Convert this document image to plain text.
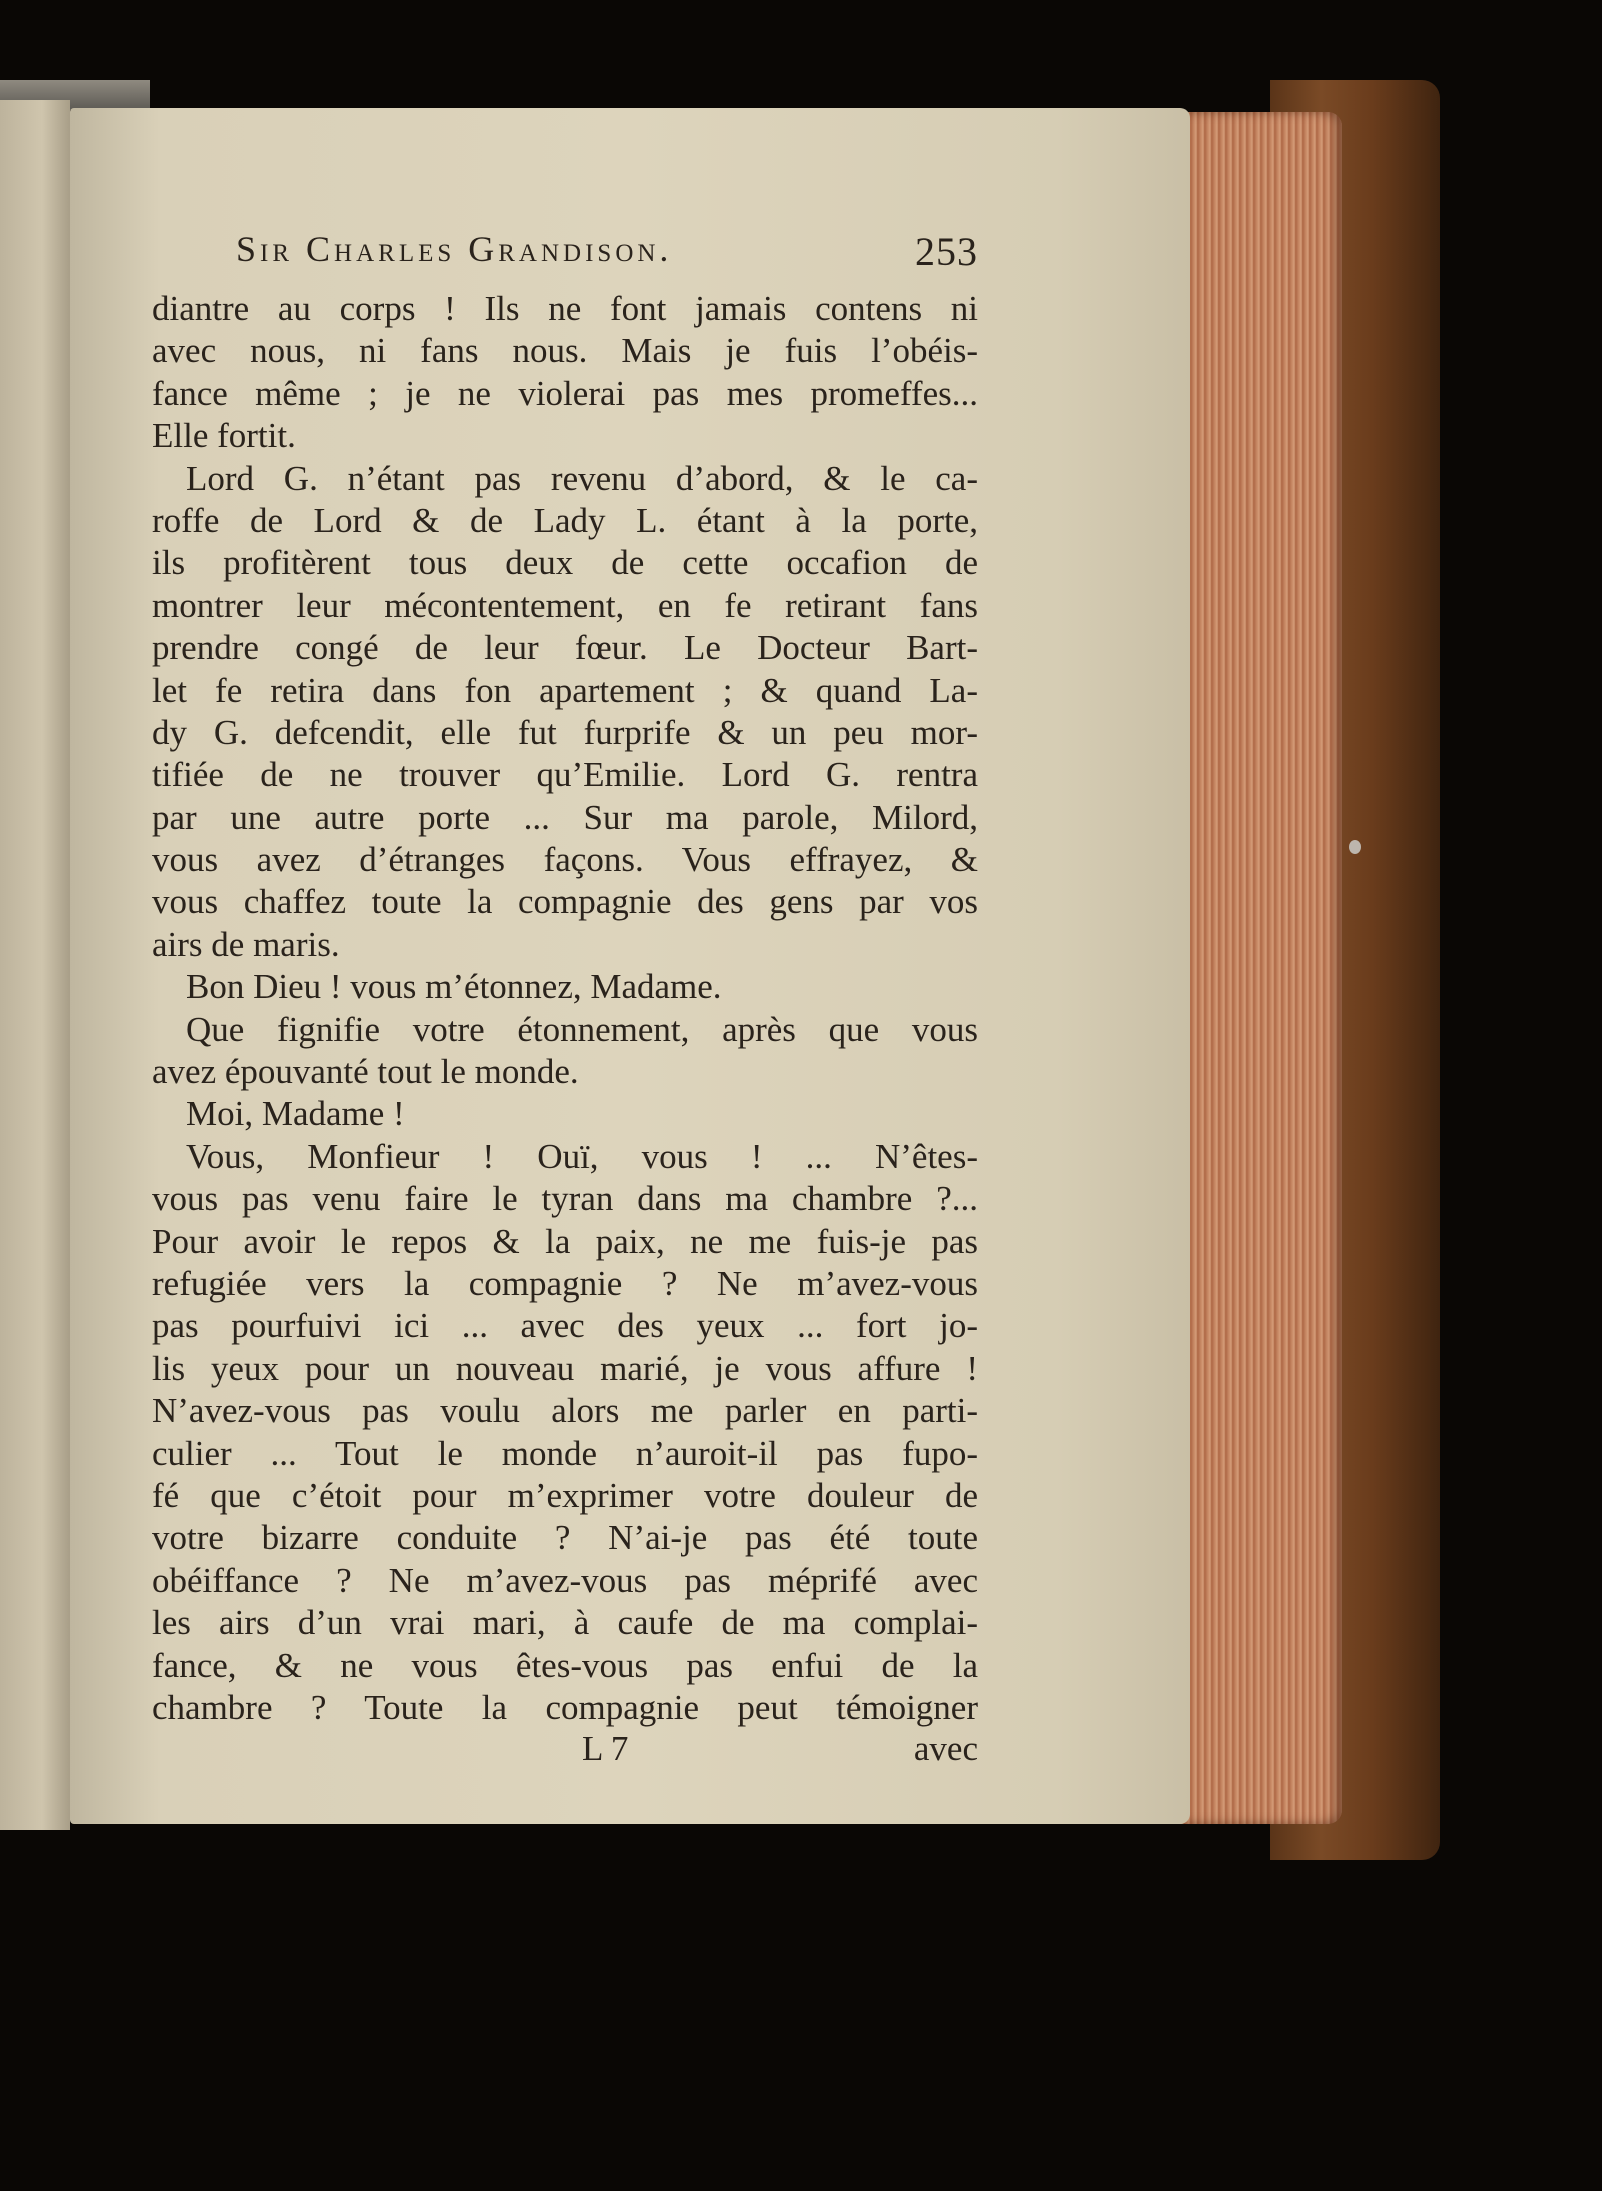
Sir Charles Grandison.	253
diantre au corps ! Ils ne font jamais contens ni
avec nous, ni fans nous. Mais je fuis l’obéis-
fance même ; je ne violerai pas mes promeffes...
Elle fortit.
Lord G. n’étant pas revenu d’abord, & le ca-
roffe de Lord & de Lady L. étant à la porte,
ils profitèrent tous deux de cette occafion de
montrer leur mécontentement, en fe retirant fans
prendre congé de leur fœur. Le Docteur Bart-
let fe retira dans fon apartement ; & quand La-
dy G. defcendit, elle fut furprife & un peu mor-
tifiée de ne trouver qu’Emilie. Lord G. rentra
par une autre porte ... Sur ma parole, Milord,
vous avez d’étranges façons. Vous effrayez, &
vous chaffez toute la compagnie des gens par vos
airs de maris.
Bon Dieu ! vous m’étonnez, Madame.
Que fignifie votre étonnement, après que vous
avez épouvanté tout le monde.
Moi, Madame !
Vous, Monfieur ! Ouï, vous ! ... N’êtes-
vous pas venu faire le tyran dans ma chambre ?...
Pour avoir le repos & la paix, ne me fuis-je pas
refugiée vers la compagnie ? Ne m’avez-vous
pas pourfuivi ici ... avec des yeux ... fort jo-
lis yeux pour un nouveau marié, je vous affure !
N’avez-vous pas voulu alors me parler en parti-
culier ... Tout le monde n’auroit-il pas fupo-
fé que c’étoit pour m’exprimer votre douleur de
votre bizarre conduite ? N’ai-je pas été toute
obéiffance ? Ne m’avez-vous pas méprifé avec
les airs d’un vrai mari, à caufe de ma complai-
fance, & ne vous êtes-vous pas enfui de la
chambre ? Toute la compagnie peut témoigner
L 7	avec
